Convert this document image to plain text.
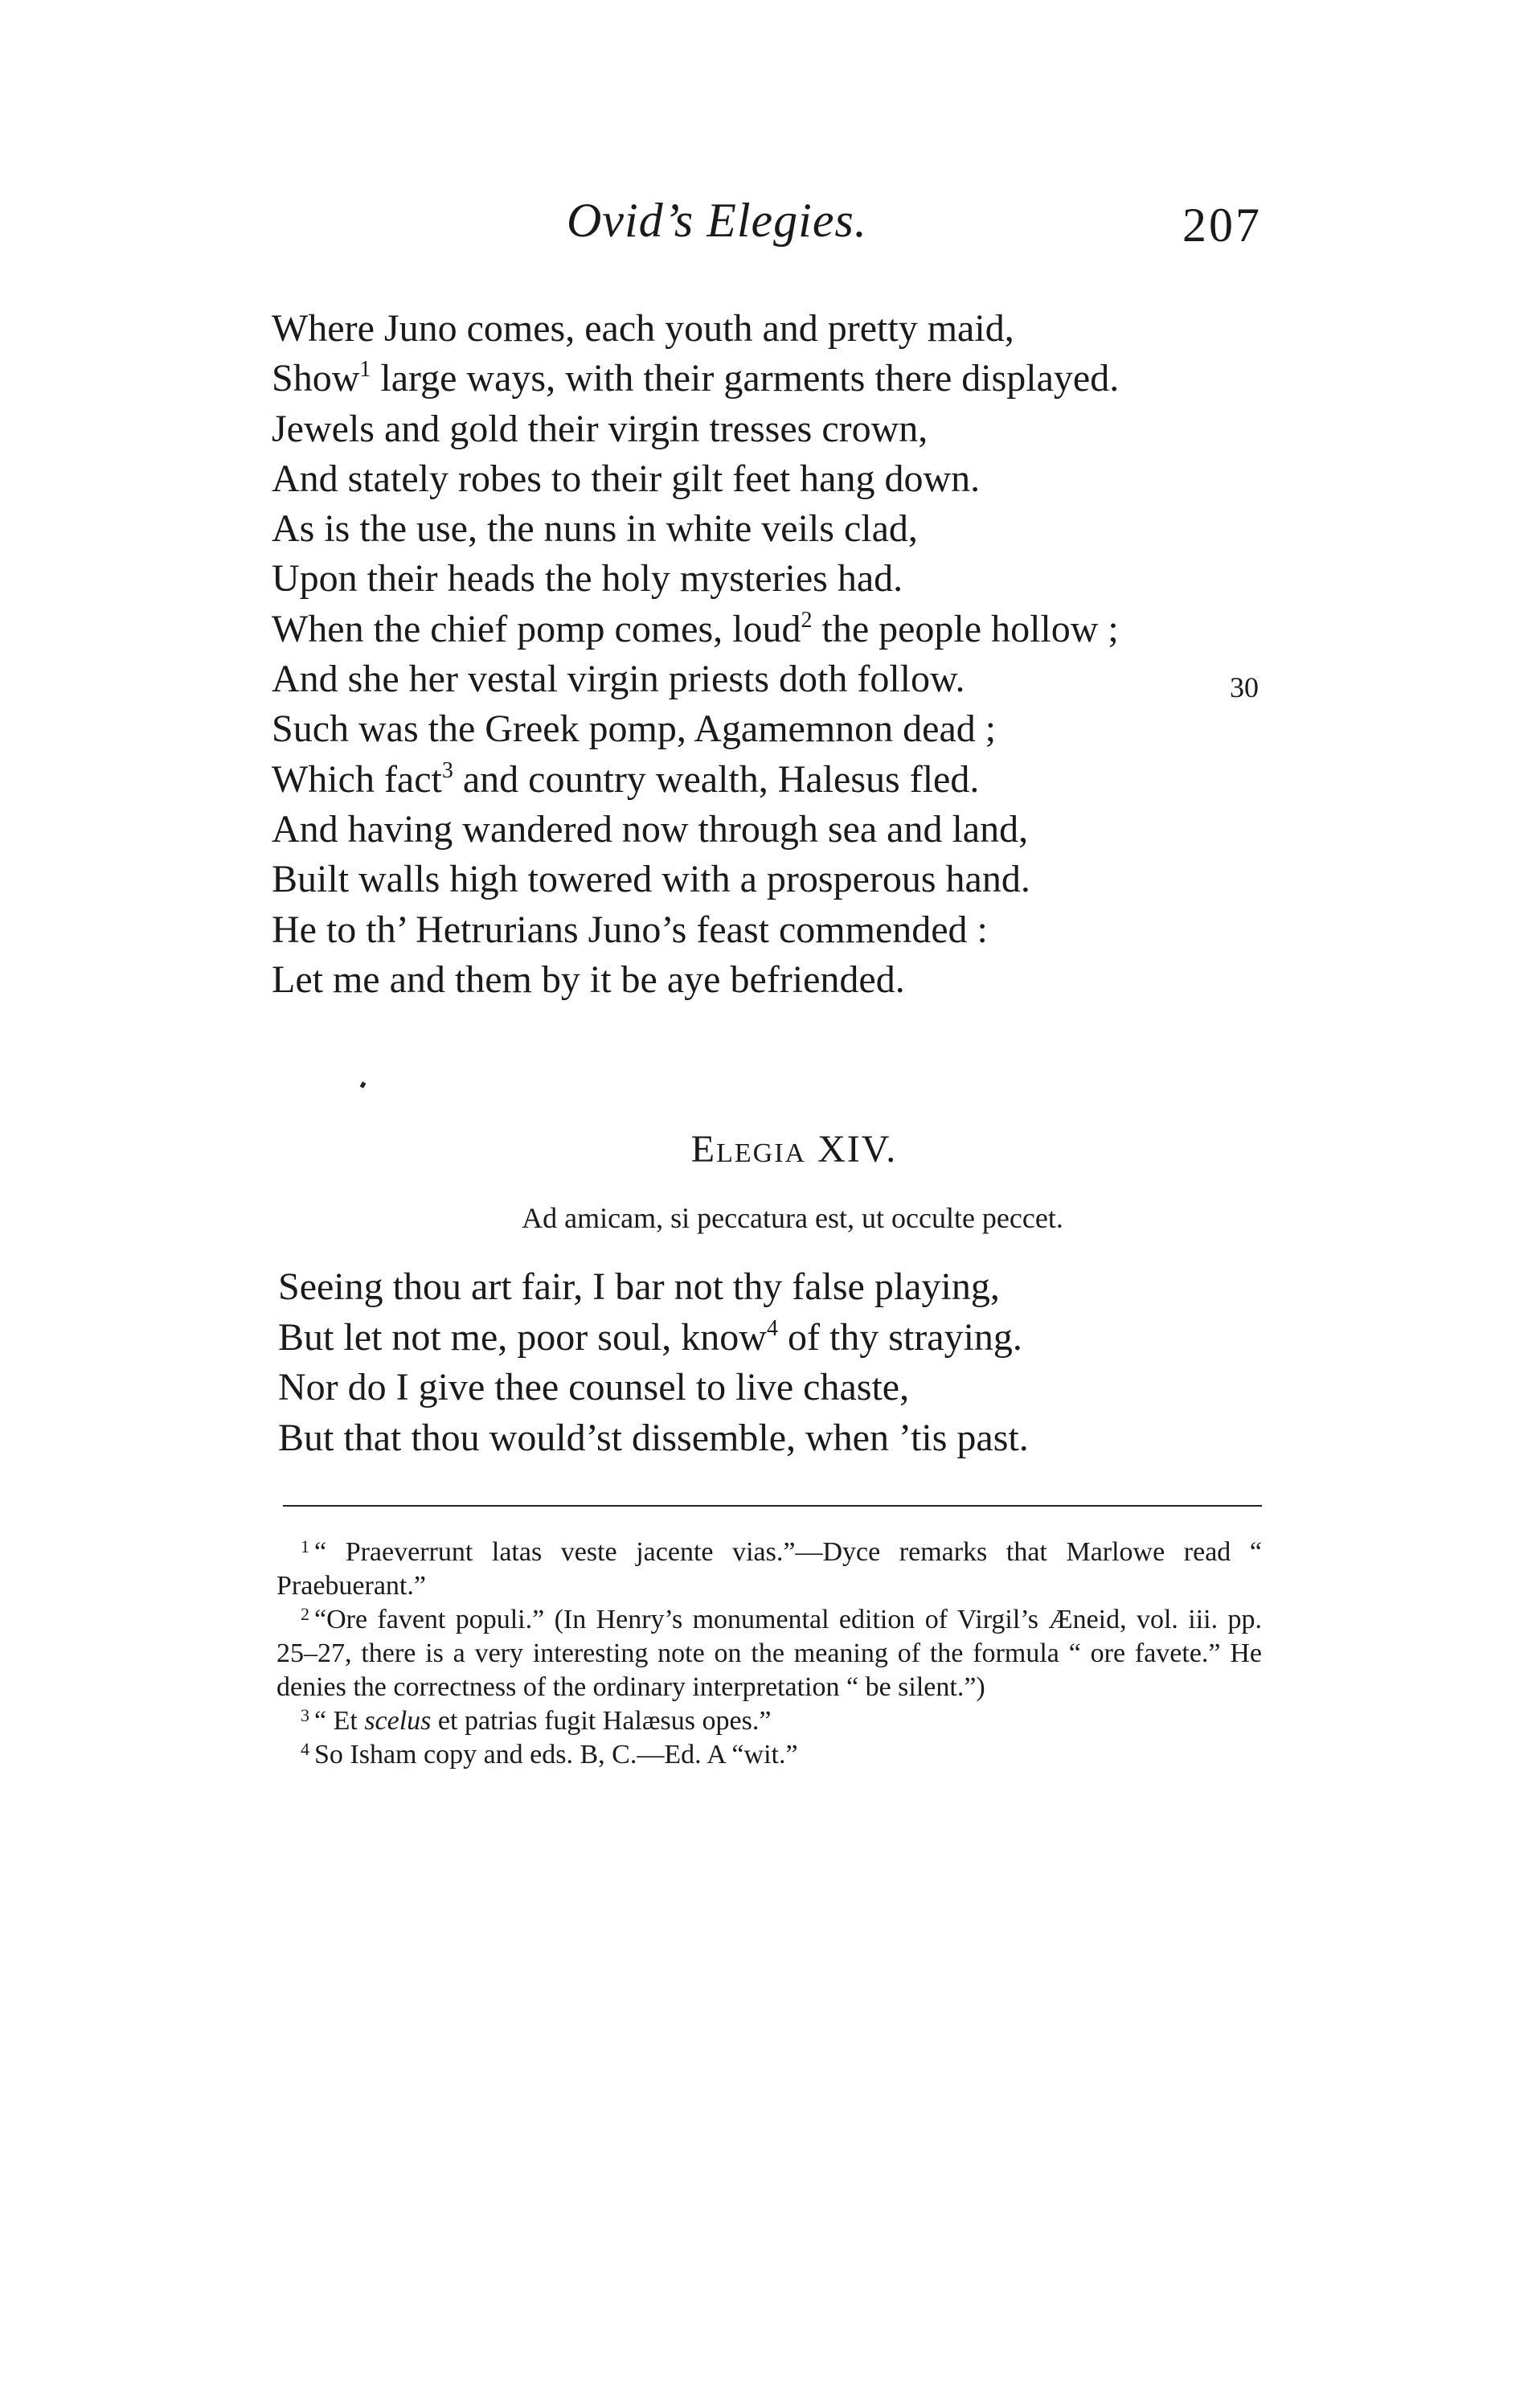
Ovid’s Elegies.	207
Where Juno comes, each youth and pretty maid,
Show$^1$ large ways, with their garments there displayed.
Jewels and gold their virgin tresses crown,
And stately robes to their gilt feet hang down.
As is the use, the nuns in white veils clad,
Upon their heads the holy mysteries had.
When the chief pomp comes, loud$^2$ the people hollow ;
And she her vestal virgin priests doth follow.	30
Such was the Greek pomp, Agamemnon dead ;
Which fact$^3$ and country wealth, Halesus fled.
And having wandered now through sea and land,
Built walls high towered with a prosperous hand.
He to th’ Hetrurians Juno’s feast commended :
Let me and them by it be aye befriended.
Elegia XIV.
Ad amicam, si peccatura est, ut occulte peccet.
Seeing thou art fair, I bar not thy false playing,
But let not me, poor soul, know$^4$ of thy straying.
Nor do I give thee counsel to live chaste,
But that thou would’st dissemble, when ’tis past.

$^1$ “ Praeverrunt latas veste jacente vias.”—Dyce remarks that Marlowe read “ Praebuerant.”

$^2$ “Ore favent populi.” (In Henry’s monumental edition of Virgil’s Æneid, vol. iii. pp. 25–27, there is a very interesting note on the meaning of the formula “ ore favete.” He denies the correctness of the ordinary interpretation “ be silent.”)

$^3$ “ Et scelus et patrias fugit Halæsus opes.”

$^4$ So Isham copy and eds. B, C.—Ed. A “wit.”
